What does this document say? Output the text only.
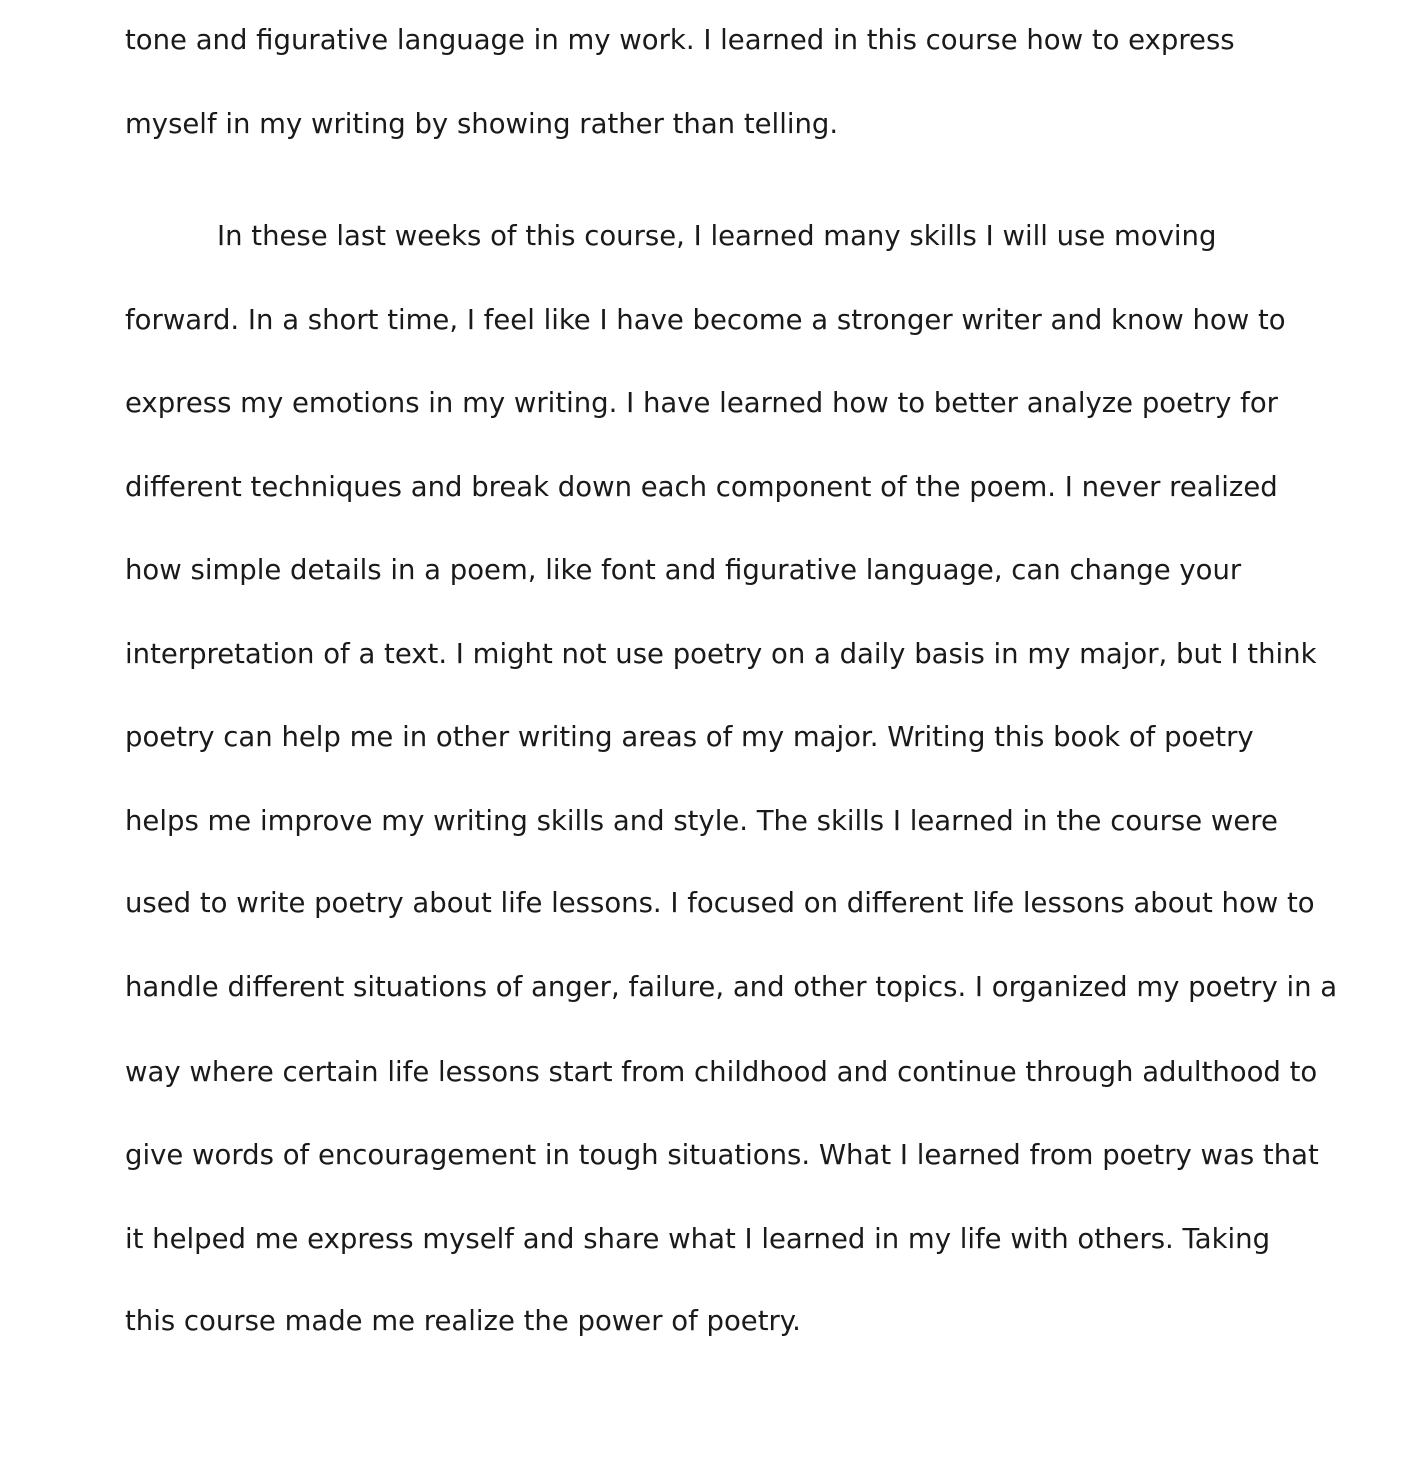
tone and figurative language in my work. I learned in this course how to express
myself in my writing by showing rather than telling.
In these last weeks of this course, I learned many skills I will use moving
forward. In a short time, I feel like I have become a stronger writer and know how to
express my emotions in my writing. I have learned how to better analyze poetry for
different techniques and break down each component of the poem. I never realized
how simple details in a poem, like font and figurative language, can change your
interpretation of a text. I might not use poetry on a daily basis in my major, but I think
poetry can help me in other writing areas of my major. Writing this book of poetry
helps me improve my writing skills and style. The skills I learned in the course were
used to write poetry about life lessons. I focused on different life lessons about how to
handle different situations of anger, failure, and other topics. I organized my poetry in a
way where certain life lessons start from childhood and continue through adulthood to
give words of encouragement in tough situations. What I learned from poetry was that
it helped me express myself and share what I learned in my life with others. Taking
this course made me realize the power of poetry.
